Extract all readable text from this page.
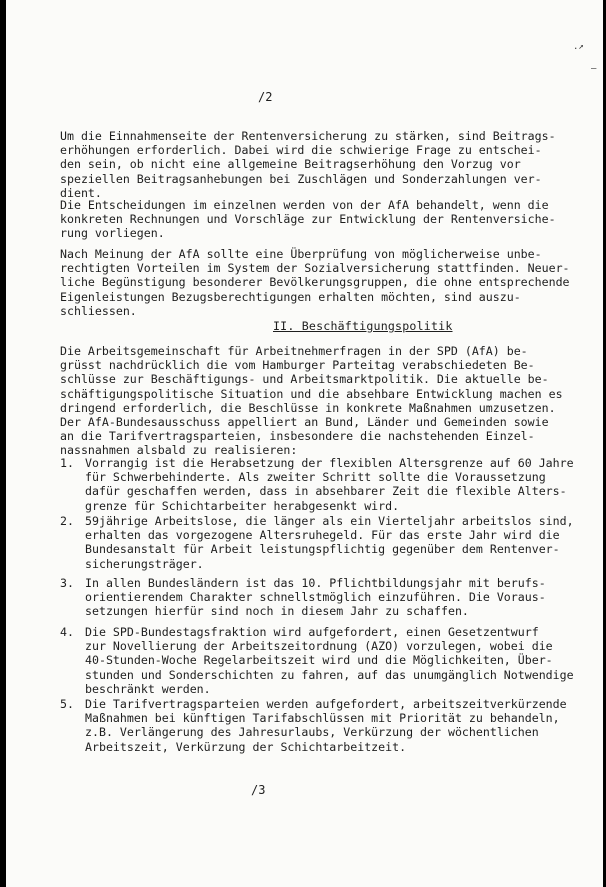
.↗
‒
/2

Um die Einnahmenseite der Rentenversicherung zu stärken, sind Beitrags-
erhöhungen erforderlich. Dabei wird die schwierige Frage zu entschei-
den sein, ob nicht eine allgemeine Beitragserhöhung den Vorzug vor
speziellen Beitragsanhebungen bei Zuschlägen und Sonderzahlungen ver-
dient.

Die Entscheidungen im einzelnen werden von der AfA behandelt, wenn die
konkreten Rechnungen und Vorschläge zur Entwicklung der Rentenversiche-
rung vorliegen.

Nach Meinung der AfA sollte eine Überprüfung von möglicherweise unbe-
rechtigten Vorteilen im System der Sozialversicherung stattfinden. Neuer-
liche Begünstigung besonderer Bevölkerungsgruppen, die ohne entsprechende
Eigenleistungen Bezugsberechtigungen erhalten möchten, sind auszu-
schliessen.

II. Beschäftigungspolitik

Die Arbeitsgemeinschaft für Arbeitnehmerfragen in der SPD (AfA) be-
grüsst nachdrücklich die vom Hamburger Parteitag verabschiedeten Be-
schlüsse zur Beschäftigungs- und Arbeitsmarktpolitik. Die aktuelle be-
schäftigungspolitische Situation und die absehbare Entwicklung machen es
dringend erforderlich, die Beschlüsse in konkrete Maßnahmen umzusetzen.
Der AfA-Bundesausschuss appelliert an Bund, Länder und Gemeinden sowie
an die Tarifvertragsparteien, insbesondere die nachstehenden Einzel-
nassnahmen alsbald zu realisieren:

1. Vorrangig ist die Herabsetzung der flexiblen Altersgrenze auf 60 Jahre
für Schwerbehinderte. Als zweiter Schritt sollte die Voraussetzung
dafür geschaffen werden, dass in absehbarer Zeit die flexible Alters-
grenze für Schichtarbeiter herabgesenkt wird.
2. 59jährige Arbeitslose, die länger als ein Vierteljahr arbeitslos sind,
erhalten das vorgezogene Altersruhegeld. Für das erste Jahr wird die
Bundesanstalt für Arbeit leistungspflichtig gegenüber dem Rentenver-
sicherungsträger.
3. In allen Bundesländern ist das 10. Pflichtbildungsjahr mit berufs-
orientierendem Charakter schnellstmöglich einzuführen. Die Voraus-
setzungen hierfür sind noch in diesem Jahr zu schaffen.
4. Die SPD-Bundestagsfraktion wird aufgefordert, einen Gesetzentwurf
zur Novellierung der Arbeitszeitordnung (AZO) vorzulegen, wobei die
40-Stunden-Woche Regelarbeitszeit wird und die Möglichkeiten, Über-
stunden und Sonderschichten zu fahren, auf das unumgänglich Notwendige
beschränkt werden.
5. Die Tarifvertragsparteien werden aufgefordert, arbeitszeitverkürzende
Maßnahmen bei künftigen Tarifabschlüssen mit Priorität zu behandeln,
z.B. Verlängerung des Jahresurlaubs, Verkürzung der wöchentlichen
Arbeitszeit, Verkürzung der Schichtarbeitzeit.
/3
